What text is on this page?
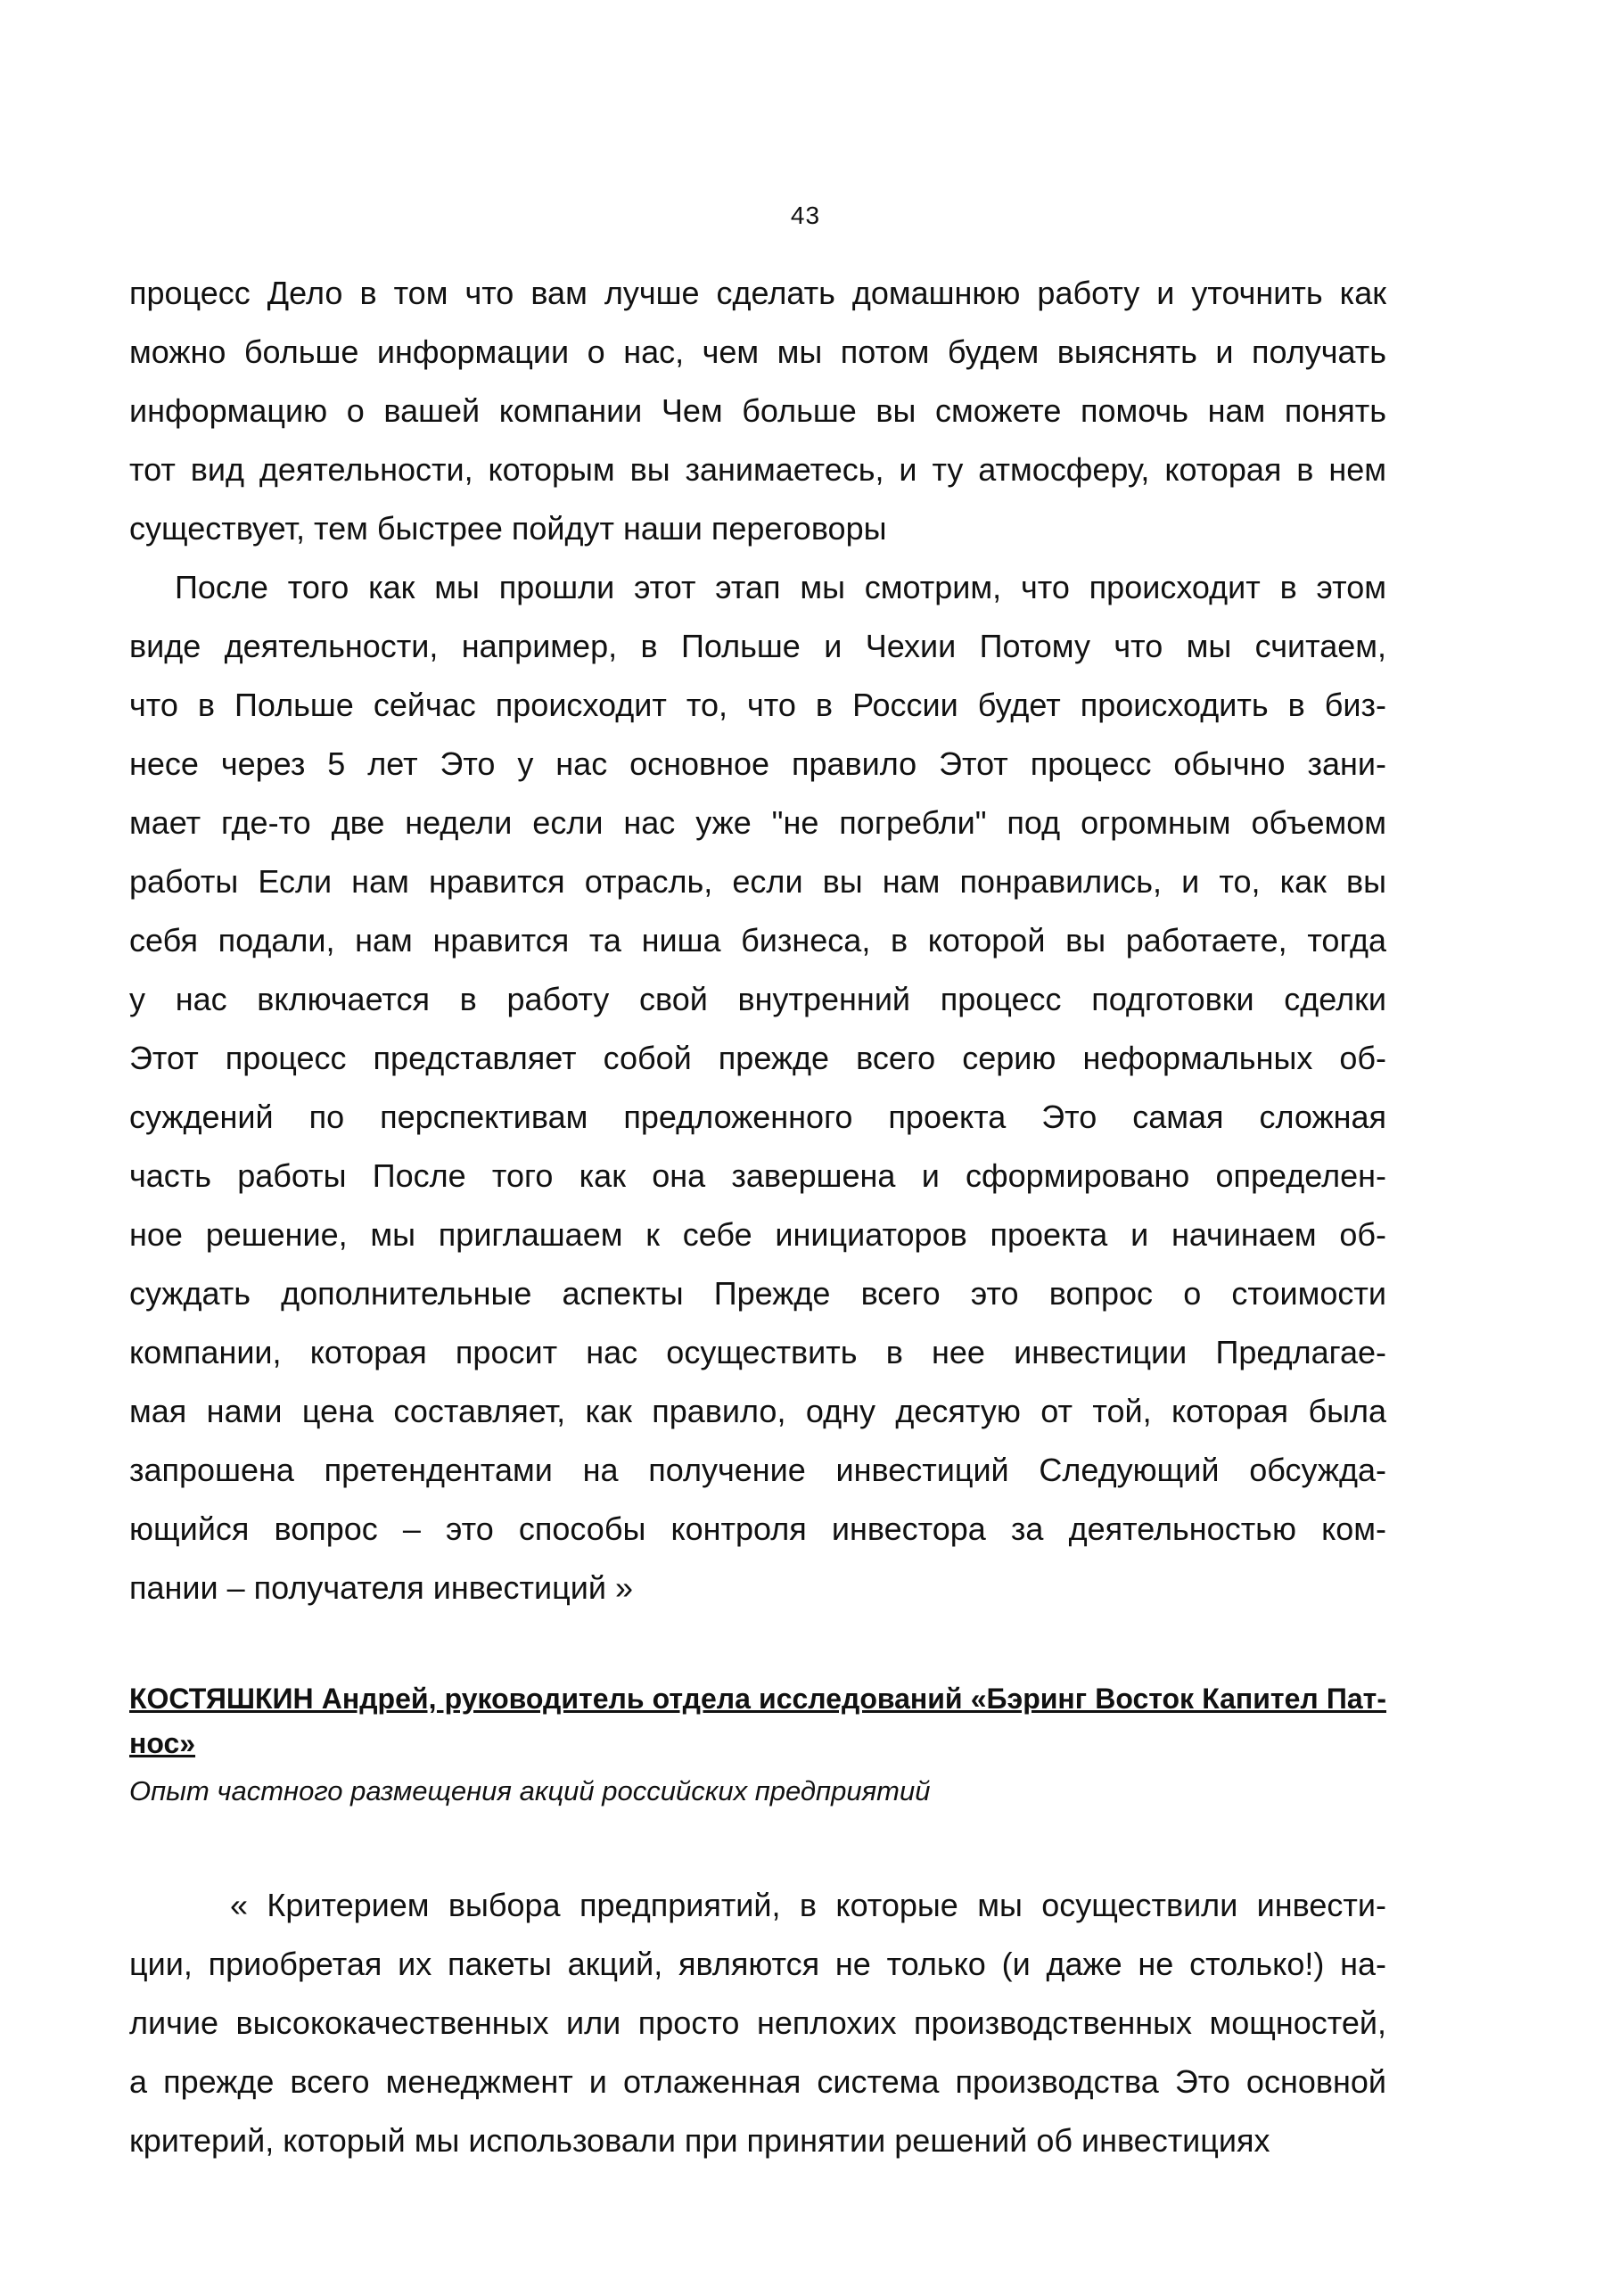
43
процесс Дело в том что вам лучше сделать домашнюю работу и уточнить как
можно больше информации о нас, чем мы потом будем выяснять и получать
информацию о вашей компании Чем больше вы сможете помочь нам понять
тот вид деятельности, которым вы занимаетесь, и ту атмосферу, которая в нем
существует, тем быстрее пойдут наши переговоры
После того как мы прошли этот этап мы смотрим, что происходит в этом
виде деятельности, например, в Польше и Чехии Потому что мы считаем,
что в Польше сейчас происходит то, что в России будет происходить в биз-
несе через 5 лет Это у нас основное правило Этот процесс обычно зани-
мает где-то две недели если нас уже "не погребли" под огромным объемом
работы Если нам нравится отрасль, если вы нам понравились, и то, как вы
себя подали, нам нравится та ниша бизнеса, в которой вы работаете, тогда
у нас включается в работу свой внутренний процесс подготовки сделки
Этот процесс представляет собой прежде всего серию неформальных об-
суждений по перспективам предложенного проекта Это самая сложная
часть работы После того как она завершена и сформировано определен-
ное решение, мы приглашаем к себе инициаторов проекта и начинаем об-
суждать дополнительные аспекты Прежде всего это вопрос о стоимости
компании, которая просит нас осуществить в нее инвестиции Предлагае-
мая нами цена составляет, как правило, одну десятую от той, которая была
запрошена претендентами на получение инвестиций Следующий обсужда-
ющийся вопрос – это способы контроля инвестора за деятельностью ком-
пании – получателя инвестиций »
КОСТЯШКИН Андрей, руководитель отдела исследований «Бэринг Восток Капител Пат-
нос»
Опыт частного размещения акций российских предприятий
« Критерием выбора предприятий, в которые мы осуществили инвести-
ции, приобретая их пакеты акций, являются не только (и даже не столько!) на-
личие высококачественных или просто неплохих производственных мощностей,
а прежде всего менеджмент и отлаженная система производства Это основной
критерий, который мы использовали при принятии решений об инвестициях
